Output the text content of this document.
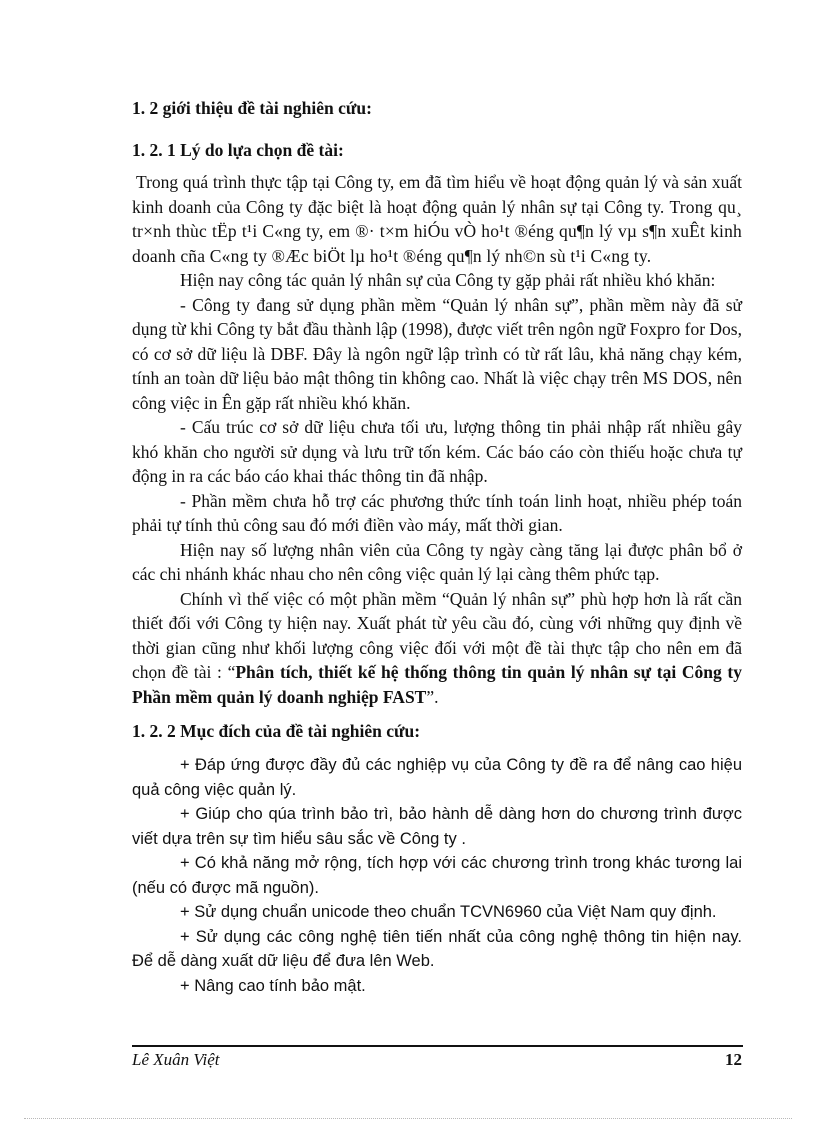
1. 2 giới thiệu đề tài nghiên cứu:
1. 2. 1 Lý do lựa chọn đề tài:

Trong quá trình thực tập tại Công ty, em đã tìm hiểu về hoạt động quản lý và sản xuất kinh doanh của Công ty đặc biệt là hoạt động quản lý nhân sự tại Công ty. Trong qu¸ tr×nh thùc tËp t¹i C«ng ty, em ®· t×m hiÓu vÒ ho¹t ®éng qu¶n lý vµ s¶n xuÊt kinh doanh cña C«ng ty ®Æc biÖt lµ ho¹t ®éng qu¶n lý nh©n sù t¹i C«ng ty.

Hiện nay công tác quản lý nhân sự của Công ty gặp phải rất nhiều khó khăn:

- Công ty đang sử dụng phần mềm “Quản lý nhân sự”, phần mềm này đã sử dụng từ khi Công ty bắt đầu thành lập (1998), được viết trên ngôn ngữ Foxpro for Dos, có cơ sở dữ liệu là DBF. Đây là ngôn ngữ lập trình có từ rất lâu, khả năng chạy kém, tính an toàn dữ liệu bảo mật thông tin không cao. Nhất là việc chạy trên MS DOS, nên công việc in Ên gặp rất nhiều khó khăn.

- Cấu trúc cơ sở dữ liệu chưa tối ưu, lượng thông tin phải nhập rất nhiều gây khó khăn cho người sử dụng và lưu trữ tốn kém. Các báo cáo còn thiếu hoặc chưa tự động in ra các báo cáo khai thác thông tin đã nhập.

- Phần mềm chưa hỗ trợ các phương thức tính toán linh hoạt, nhiều phép toán phải tự tính thủ công sau đó mới điền vào máy, mất thời gian.

Hiện nay số lượng nhân viên của Công ty ngày càng tăng lại được phân bổ ở các chi nhánh khác nhau cho nên công việc quản lý lại càng thêm phức tạp.

Chính vì thế việc có một phần mềm “Quản lý nhân sự” phù hợp hơn là rất cần thiết đối với Công ty hiện nay. Xuất phát từ yêu cầu đó, cùng với những quy định về thời gian cũng như khối lượng công việc đối với một đề tài thực tập cho nên em đã chọn đề tài : “Phân tích, thiết kế hệ thống thông tin quản lý nhân sự tại Công ty Phần mềm quản lý doanh nghiệp FAST”.

1. 2. 2 Mục đích của đề tài nghiên cứu:

+ Đáp ứng được đầy đủ các nghiệp vụ của Công ty đề ra để nâng cao hiệu quả công việc quản lý.

+ Giúp cho qúa trình bảo trì, bảo hành dễ dàng hơn do chương trình được viết dựa trên sự tìm hiểu sâu sắc về Công ty .

+ Có khả năng mở rộng, tích hợp với các chương trình trong khác tương lai (nếu có được mã nguồn).

+ Sử dụng chuẩn unicode theo chuẩn TCVN6960 của Việt Nam quy định.

+ Sử dụng các công nghệ tiên tiến nhất của công nghệ thông tin hiện nay. Để dễ dàng xuất dữ liệu để đưa lên Web.

+ Nâng cao tính bảo mật.

Lê Xuân Việt	12
